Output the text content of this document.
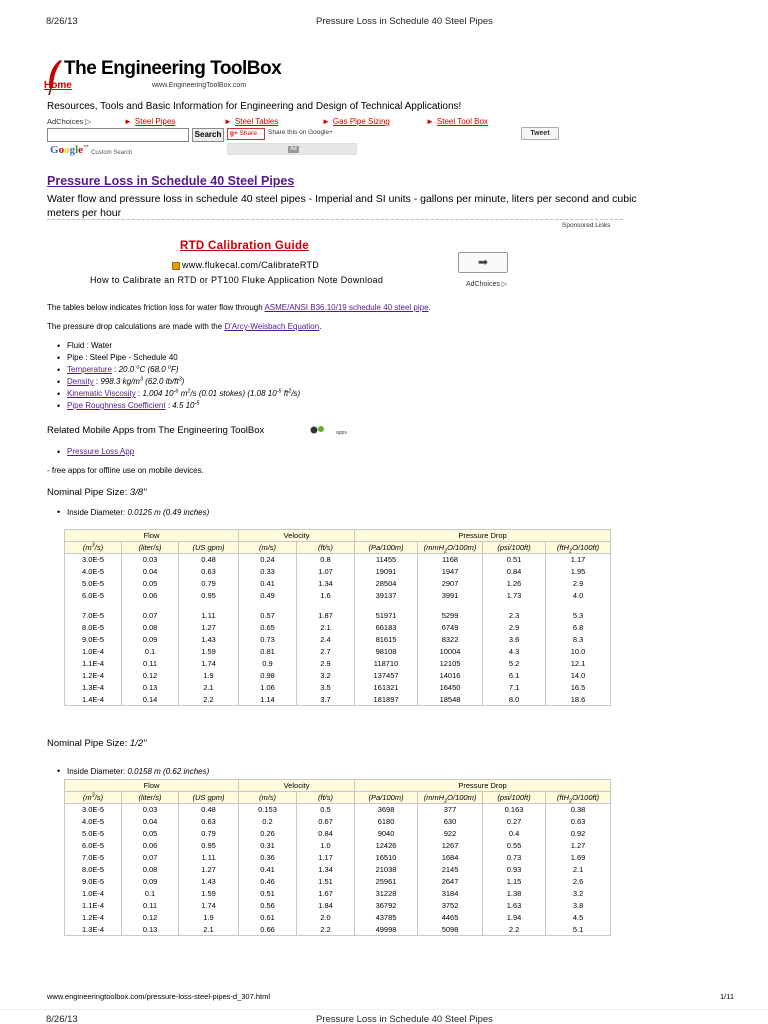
8/26/13	Pressure Loss in Schedule 40 Steel Pipes
The Engineering ToolBox
Home	www.EngineeringToolBox.com
Resources, Tools and Basic Information for Engineering and Design of Technical Applications!
AdChoices ▷	► Steel Pipes	► Steel Tables	► Gas Pipe Sizing	► Steel Tool Box
Search	g+ Share	Share this on Google+	Tweet
Google™
Custom Search
Ad
Pressure Loss in Schedule 40 Steel Pipes
Water flow and pressure loss in schedule 40 steel pipes - Imperial and SI units - gallons per minute, liters per second and cubic meters per hour
Sponsored Links
RTD Calibration Guide
www.flukecal.com/CalibrateRTD
How to Calibrate an RTD or PT100 Fluke Application Note Download
➡
AdChoices ▷
The tables below indicates friction loss for water flow through ASME/ANSI B36.10/19 schedule 40 steel pipe.
The pressure drop calculations are made with the D'Arcy-Weisbach Equation.
• Fluid : Water
• Pipe : Steel Pipe - Schedule 40
• Temperature : 20.0 $^o$C (68.0 $^o$F)
• Density : 998.3 $kg/m^3$ (62.0 $lb/ft^3$)
• Kinematic Viscosity : 1.004 $10^{-6}$ $m^2/s$ (0.01 stokes) (1.08 $10^{-5}$ $ft^2/s$)
• Pipe Roughness Coefficient : 4.5 $10^{-5}$
Related Mobile Apps from The Engineering ToolBox	$^{apps}$
• Pressure Loss App
- free apps for offline use on mobile devices.
Nominal Pipe Size: 3/8"
• Inside Diameter: 0.0125 m (0.49 inches)
Flow			Velocity		Pressure Drop			
$(m^3/s)$	(liter/s)	(US gpm)	(m/s)	(ft/s)	(Pa/100m)	(mmH$_2$O/100m)	(psi/100ft)	(ftH$_2$O/100ft)
3.0E-5	0.03	0.48	0.24	0.8	11455	1168	0.51	1.17
4.0E-5	0.04	0.63	0.33	1.07	19091	1947	0.84	1.95
5.0E-5	0.05	0.79	0.41	1.34	28504	2907	1.26	2.9
6.0E-5	0.06	0.95	0.49	1.6	39137	3991	1.73	4.0

7.0E-5	0.07	1.11	0.57	1.87	51971	5299	2.3	5.3
8.0E-5	0.08	1.27	0.65	2.1	66183	6749	2.9	6.8
9.0E-5	0.09	1.43	0.73	2.4	81615	8322	3.6	8.3
1.0E-4	0.1	1.59	0.81	2.7	98108	10004	4.3	10.0
1.1E-4	0.11	1.74	0.9	2.9	118710	12105	5.2	12.1
1.2E-4	0.12	1.9	0.98	3.2	137457	14016	6.1	14.0
1.3E-4	0.13	2.1	1.06	3.5	161321	16450	7.1	16.5
1.4E-4	0.14	2.2	1.14	3.7	181897	18548	8.0	18.6
Nominal Pipe Size: 1/2"
• Inside Diameter: 0.0158 m (0.62 inches)
Flow			Velocity		Pressure Drop			
$(m^3/s)$	(liter/s)	(US gpm)	(m/s)	(ft/s)	(Pa/100m)	(mmH$_2$O/100m)	(psi/100ft)	(ftH$_2$O/100ft)
3.0E-5	0.03	0.48	0.153	0.5	3698	377	0.163	0.38
4.0E-5	0.04	0.63	0.2	0.67	6180	630	0.27	0.63
5.0E-5	0.05	0.79	0.26	0.84	9040	922	0.4	0.92
6.0E-5	0.06	0.95	0.31	1.0	12426	1267	0.55	1.27
7.0E-5	0.07	1.11	0.36	1.17	16510	1684	0.73	1.69
8.0E-5	0.08	1.27	0.41	1.34	21038	2145	0.93	2.1
9.0E-5	0.09	1.43	0.46	1.51	25961	2647	1.15	2.6
1.0E-4	0.1	1.59	0.51	1.67	31228	3184	1.38	3.2
1.1E-4	0.11	1.74	0.56	1.84	36792	3752	1.63	3.8
1.2E-4	0.12	1.9	0.61	2.0	43785	4465	1.94	4.5
1.3E-4	0.13	2.1	0.66	2.2	49998	5098	2.2	5.1
www.engineeringtoolbox.com/pressure-loss-steel-pipes-d_307.html	1/11
8/26/13	Pressure Loss in Schedule 40 Steel Pipes
